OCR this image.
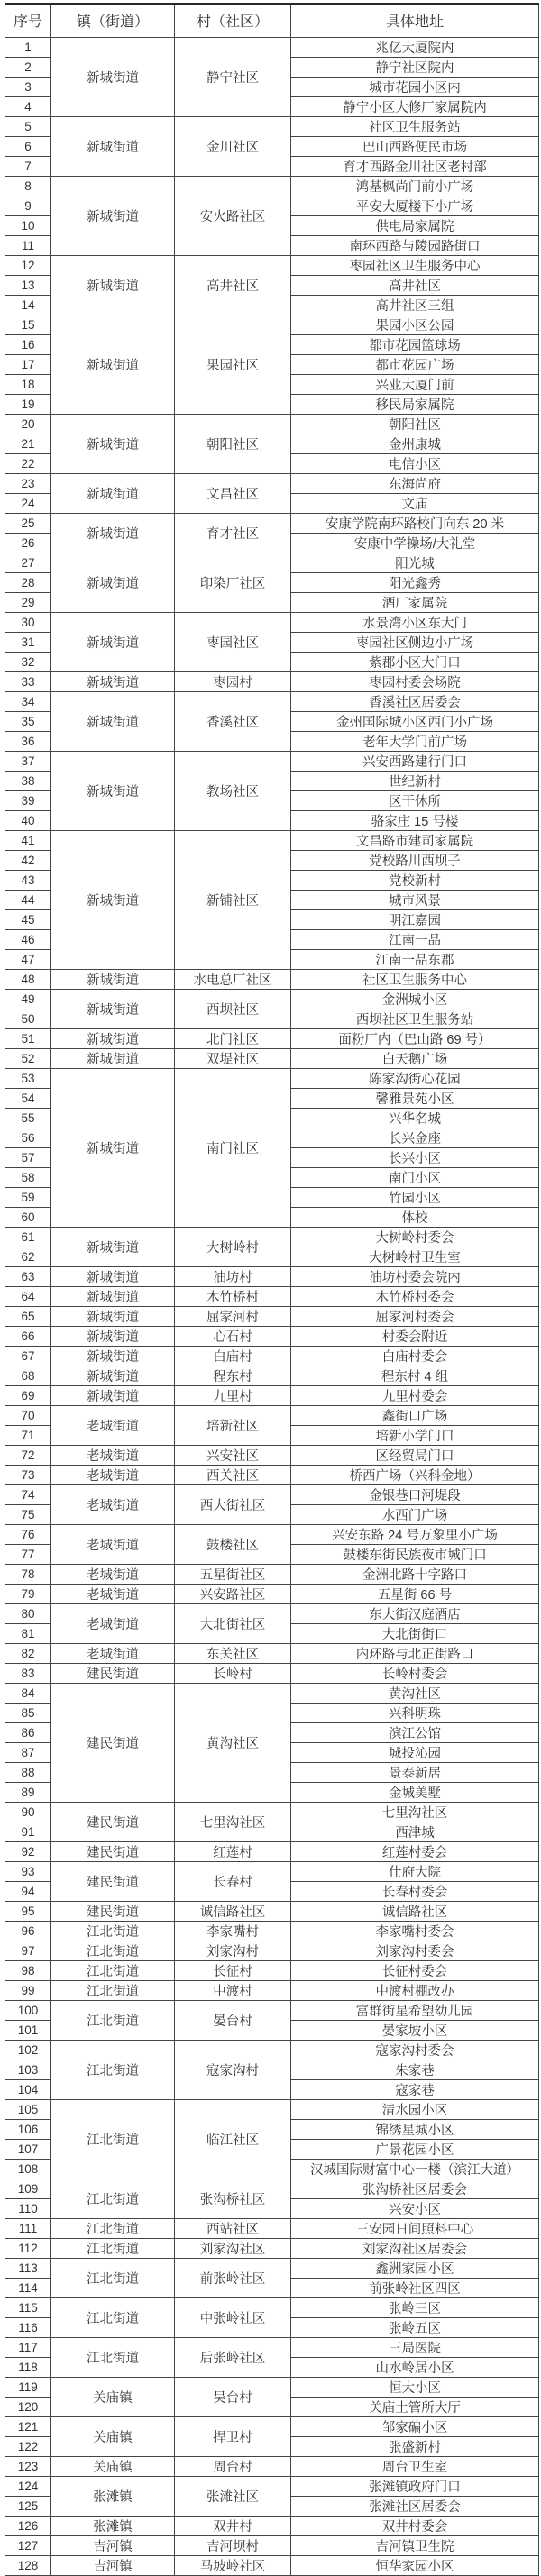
序号	镇（街道）	村（社区）	具体地址
1	新城街道	静宁社区	兆亿大厦院内
2			静宁社区院内
3			城市花园小区内
4			静宁小区大修厂家属院内
5	新城街道	金川社区	社区卫生服务站
6			巴山西路便民市场
7			育才西路金川社区老村部
8	新城街道	安火路社区	鸿基枫尚门前小广场
9			平安大厦楼下小广场
10			供电局家属院
11			南环西路与陵园路街口
12	新城街道	高井社区	枣园社区卫生服务中心
13			高井社区
14			高井社区三组
15	新城街道	果园社区	果园小区公园
16			都市花园篮球场
17			都市花园广场
18			兴业大厦门前
19			移民局家属院
20	新城街道	朝阳社区	朝阳社区
21			金州康城
22			电信小区
23	新城街道	文昌社区	东海尚府
24			文庙
25	新城街道	育才社区	安康学院南环路校门向东 20 米
26			安康中学操场/大礼堂
27	新城街道	印染厂社区	阳光城
28			阳光鑫秀
29			酒厂家属院
30	新城街道	枣园社区	水景湾小区东大门
31			枣园社区侧边小广场
32			紫郡小区大门口
33	新城街道	枣园村	枣园村委会场院
34	新城街道	香溪社区	香溪社区居委会
35			金州国际城小区西门小广场
36			老年大学门前广场
37	新城街道	教场社区	兴安西路建行门口
38			世纪新村
39			区干休所
40			骆家庄 15 号楼
41	新城街道	新铺社区	文昌路市建司家属院
42			党校路川西坝子
43			党校新村
44			城市风景
45			明江嘉园
46			江南一品
47			江南一品东郡
48	新城街道	水电总厂社区	社区卫生服务中心
49	新城街道	西坝社区	金洲城小区
50			西坝社区卫生服务站
51	新城街道	北门社区	面粉厂内（巴山路 69 号）
52	新城街道	双堤社区	白天鹅广场
53	新城街道	南门社区	陈家沟街心花园
54			馨雅景苑小区
55			兴华名城
56			长兴金座
57			长兴小区
58			南门小区
59			竹园小区
60			体校
61	新城街道	大树岭村	大树岭村委会
62			大树岭村卫生室
63	新城街道	油坊村	油坊村委会院内
64	新城街道	木竹桥村	木竹桥村委会
65	新城街道	屈家河村	屈家河村委会
66	新城街道	心石村	村委会附近
67	新城街道	白庙村	白庙村委会
68	新城街道	程东村	程东村 4 组
69	新城街道	九里村	九里村委会
70	老城街道	培新社区	鑫街口广场
71			培新小学门口
72	老城街道	兴安社区	区经贸局门口
73	老城街道	西关社区	桥西广场（兴科金地）
74	老城街道	西大街社区	金银巷口河堤段
75			水西门广场
76	老城街道	鼓楼社区	兴安东路 24 号万象里小广场
77			鼓楼东街民族夜市城门口
78	老城街道	五星街社区	金洲北路十字路口
79	老城街道	兴安路社区	五星街 66 号
80	老城街道	大北街社区	东大街汉庭酒店
81			大北街街口
82	老城街道	东关社区	内环路与北正街路口
83	建民街道	长岭村	长岭村委会
84	建民街道	黄沟社区	黄沟社区
85			兴科明珠
86			滨江公馆
87			城投沁园
88			景泰新居
89			金城美墅
90	建民街道	七里沟社区	七里沟社区
91			西津城
92	建民街道	红莲村	红莲村委会
93	建民街道	长春村	仕府大院
94			长春村委会
95	建民街道	诚信路社区	诚信路社区
96	江北街道	李家嘴村	李家嘴村委会
97	江北街道	刘家沟村	刘家沟村委会
98	江北街道	长征村	长征村委会
99	江北街道	中渡村	中渡村棚改办
100	江北街道	晏台村	富群街星希望幼儿园
101			晏家坡小区
102	江北街道	寇家沟村	寇家沟村委会
103			朱家巷
104			寇家巷
105	江北街道	临江社区	清水园小区
106			锦绣星城小区
107			广景花园小区
108			汉城国际财富中心一楼（滨江大道）
109	江北街道	张沟桥社区	张沟桥社区居委会
110			兴安小区
111	江北街道	西站社区	三安园日间照料中心
112	江北街道	刘家沟社区	刘家沟社区居委会
113	江北街道	前张岭社区	鑫洲家园小区
114			前张岭社区四区
115	江北街道	中张岭社区	张岭三区
116			张岭五区
117	江北街道	后张岭社区	三局医院
118			山水岭居小区
119	关庙镇	吴台村	恒大小区
120			关庙土管所大厅
121	关庙镇	捍卫村	邹家碥小区
122			张盛新村
123	关庙镇	周台村	周台卫生室
124	张滩镇	张滩社区	张滩镇政府门口
125			张滩社区居委会
126	张滩镇	双井村	双井村委会
127	吉河镇	吉河坝村	吉河镇卫生院
128	吉河镇	马坡岭社区	恒华家园小区
